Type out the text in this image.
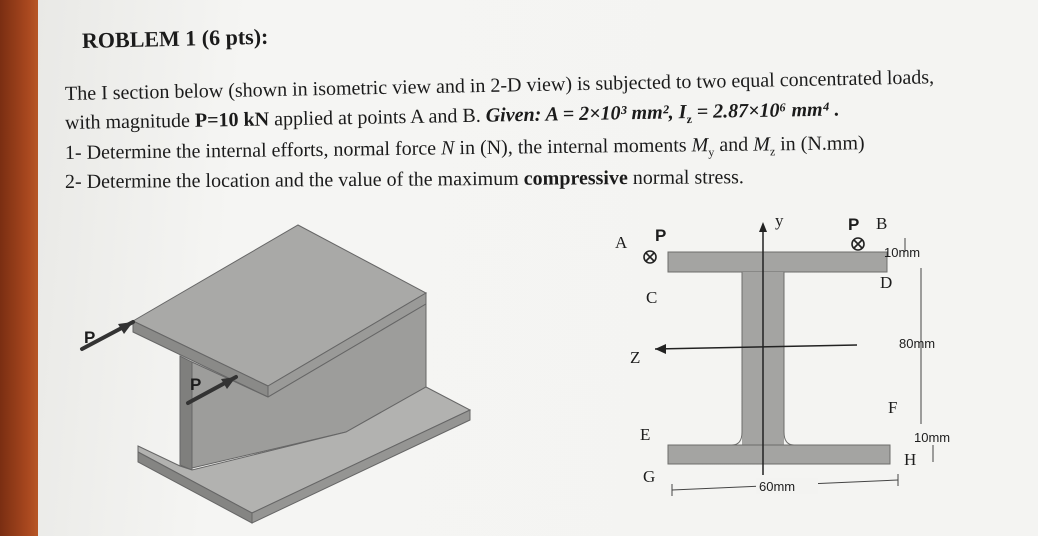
ROBLEM 1 (6 pts):
The I section below (shown in isometric view and in 2-D view) is subjected to two equal concentrated loads,
with magnitude P=10 kN applied at points A and B. Given: A = 2×10³ mm², $I_z = 2.87\times 10^6$ mm⁴ .
1- Determine the internal efforts, normal force N in (N), the internal moments $M_y$ and $M_z$ in (N.mm)
2- Determine the location and the value of the maximum compressive normal stress.
P
P
y
Z
A P
P B
C
D
E
F
G
H
10mm
80mm
10mm
60mm
